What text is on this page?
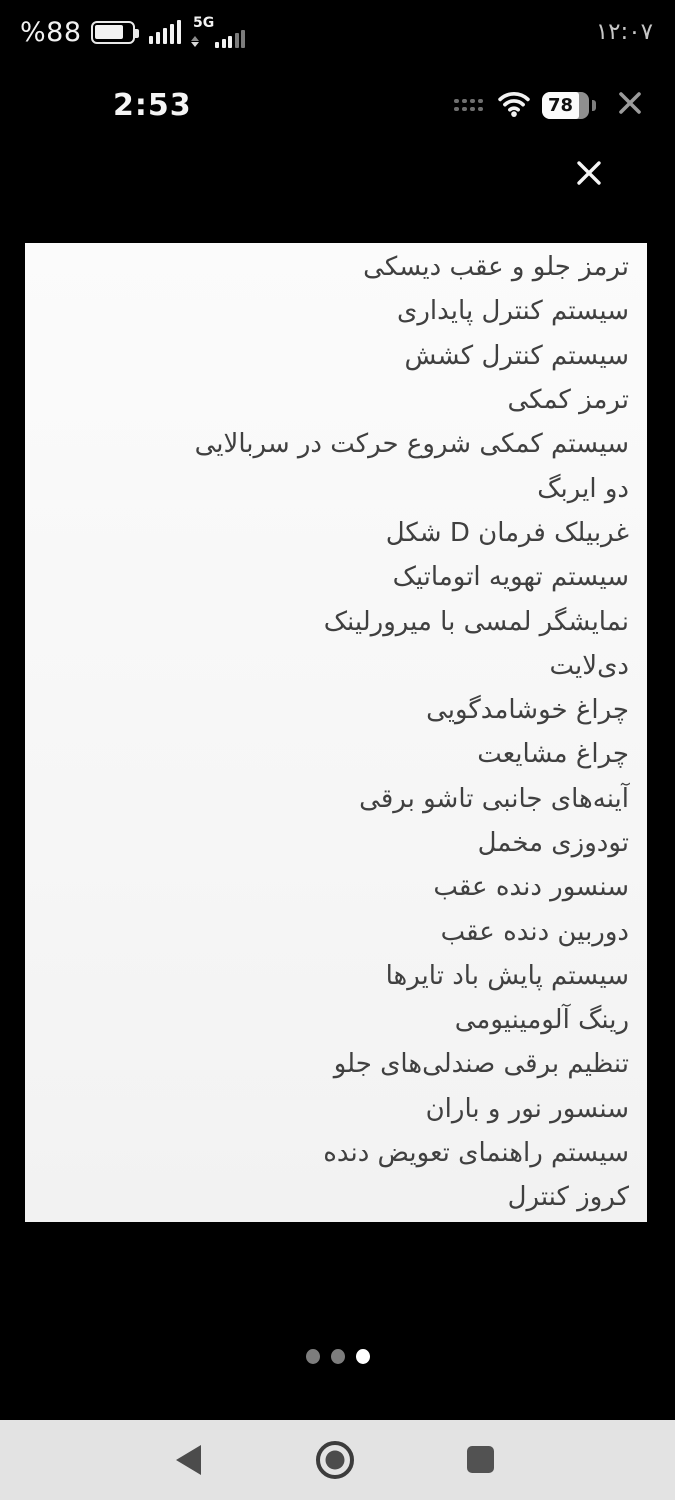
%88	5G	۱۲:۰۷
2:53	78
ترمز جلو و عقب دیسکی
سیستم کنترل پایداری
سیستم کنترل کشش
ترمز کمکی
سیستم کمکی شروع حرکت در سربالایی
دو ایربگ
غربیلک فرمان D شکل
سیستم تهویه اتوماتیک
نمایشگر لمسی با میرورلینک
دی‌لایت
چراغ خوشامدگویی
چراغ مشایعت
آینه‌های جانبی تاشو برقی
تودوزی مخمل
سنسور دنده عقب
دوربین دنده عقب
سیستم پایش باد تایرها
رینگ آلومینیومی
تنظیم برقی صندلی‌های جلو
سنسور نور و باران
سیستم راهنمای تعویض دنده
کروز کنترل
